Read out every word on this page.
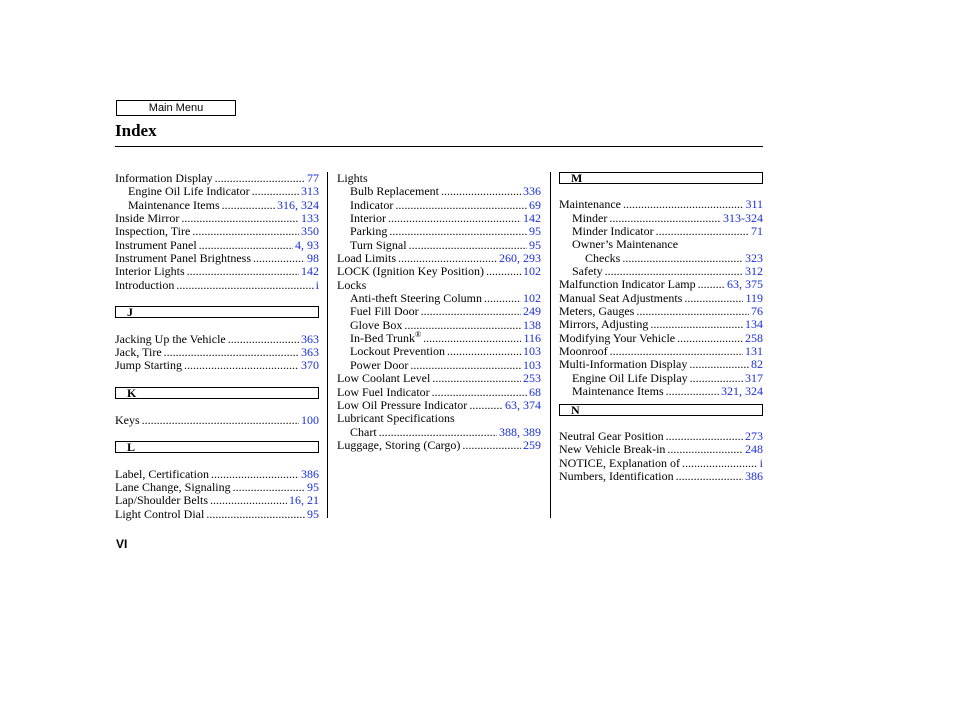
Main Menu
Index
Information Display .....	77
Engine Oil Life Indicator .....	313
Maintenance Items .....	316, 324
Inside Mirror .....	133
Inspection, Tire .....	350
Instrument Panel .....	4, 93
Instrument Panel Brightness .....	98
Interior Lights .....	142
Introduction .....	i
J
Jacking Up the Vehicle .....	363
Jack, Tire .....	363
Jump Starting .....	370
K
Keys .....	100
L
Label, Certification .....	386
Lane Change, Signaling .....	95
Lap/Shoulder Belts .....	16, 21
Light Control Dial .....	95
Lights
Bulb Replacement .....	336
Indicator .....	69
Interior .....	142
Parking .....	95
Turn Signal .....	95
Load Limits .....	260, 293
LOCK (Ignition Key Position) .....	102
Locks
Anti-theft Steering Column .....	102
Fuel Fill Door .....	249
Glove Box .....	138
In-Bed Trunk® .....	116
Lockout Prevention .....	103
Power Door .....	103
Low Coolant Level .....	253
Low Fuel Indicator .....	68
Low Oil Pressure Indicator .....	63, 374
Lubricant Specifications
Chart .....	388, 389
Luggage, Storing (Cargo) .....	259
M
Maintenance .....	311
Minder .....	313-324
Minder Indicator .....	71
Owner’s Maintenance
Checks .....	323
Safety .....	312
Malfunction Indicator Lamp .....	63, 375
Manual Seat Adjustments .....	119
Meters, Gauges .....	76
Mirrors, Adjusting .....	134
Modifying Your Vehicle .....	258
Moonroof .....	131
Multi-Information Display .....	82
Engine Oil Life Display .....	317
Maintenance Items .....	321, 324
N
Neutral Gear Position .....	273
New Vehicle Break-in .....	248
NOTICE, Explanation of .....	i
Numbers, Identification .....	386
VI
